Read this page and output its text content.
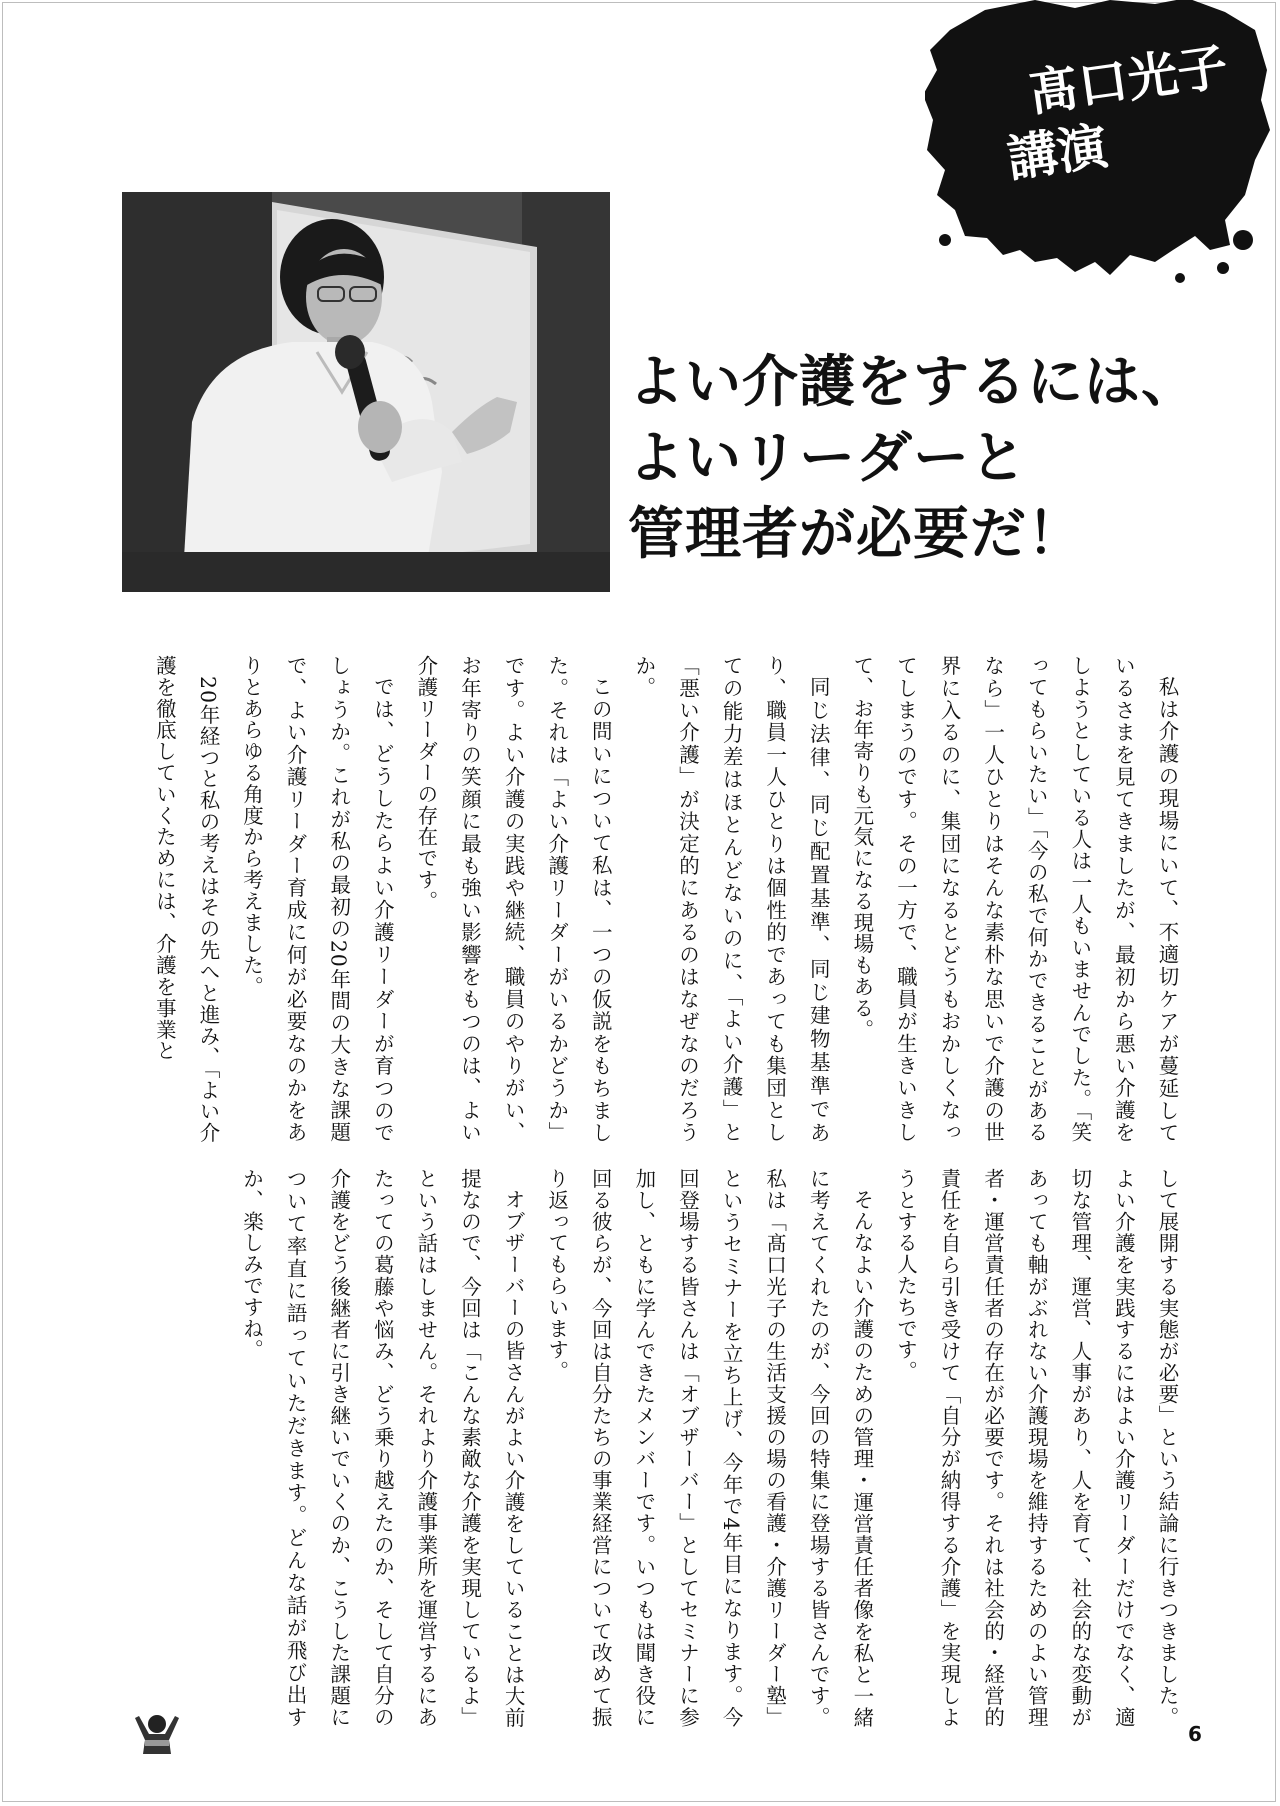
髙口光子
講演
よい介護をするには、
よいリーダーと
管理者が必要だ！

私は介護の現場にいて、不適切ケアが蔓延しているさまを見てきましたが、最初から悪い介護をしようとしている人は一人もいませんでした。「笑ってもらいたい」「今の私で何かできることがあるなら」一人ひとりはそんな素朴な思いで介護の世界に入るのに、集団になるとどうもおかしくなってしまうのです。その一方で、職員が生きいきして、お年寄りも元気になる現場もある。

同じ法律、同じ配置基準、同じ建物基準であり、職員一人ひとりは個性的であっても集団としての能力差はほとんどないのに、「よい介護」と「悪い介護」が決定的にあるのはなぜなのだろうか。

この問いについて私は、一つの仮説をもちました。それは「よい介護リーダーがいるかどうか」です。よい介護の実践や継続、職員のやりがい、お年寄りの笑顔に最も強い影響をもつのは、よい介護リーダーの存在です。

では、どうしたらよい介護リーダーが育つのでしょうか。これが私の最初の20年間の大きな課題で、よい介護リーダー育成に何が必要なのかをありとあらゆる角度から考えました。

20年経つと私の考えはその先へと進み、「よい介護を徹底していくためには、介護を事業と

して展開する実態が必要」という結論に行きつきました。よい介護を実践するにはよい介護リーダーだけでなく、適切な管理、運営、人事があり、人を育て、社会的な変動があっても軸がぶれない介護現場を維持するためのよい管理者・運営責任者の存在が必要です。それは社会的・経営的責任を自ら引き受けて「自分が納得する介護」を実現しようとする人たちです。

そんなよい介護のための管理・運営責任者像を私と一緒に考えてくれたのが、今回の特集に登場する皆さんです。私は「髙口光子の生活支援の場の看護・介護リーダー塾」というセミナーを立ち上げ、今年で4年目になります。今回登場する皆さんは「オブザーバー」としてセミナーに参加し、ともに学んできたメンバーです。いつもは聞き役に回る彼らが、今回は自分たちの事業経営について改めて振り返ってもらいます。

オブザーバーの皆さんがよい介護をしていることは大前提なので、今回は「こんな素敵な介護を実現しているよ」という話はしません。それより介護事業所を運営するにあたっての葛藤や悩み、どう乗り越えたのか、そして自分の介護をどう後継者に引き継いでいくのか、こうした課題について率直に語っていただきます。どんな話が飛び出すか、楽しみですね。

6
